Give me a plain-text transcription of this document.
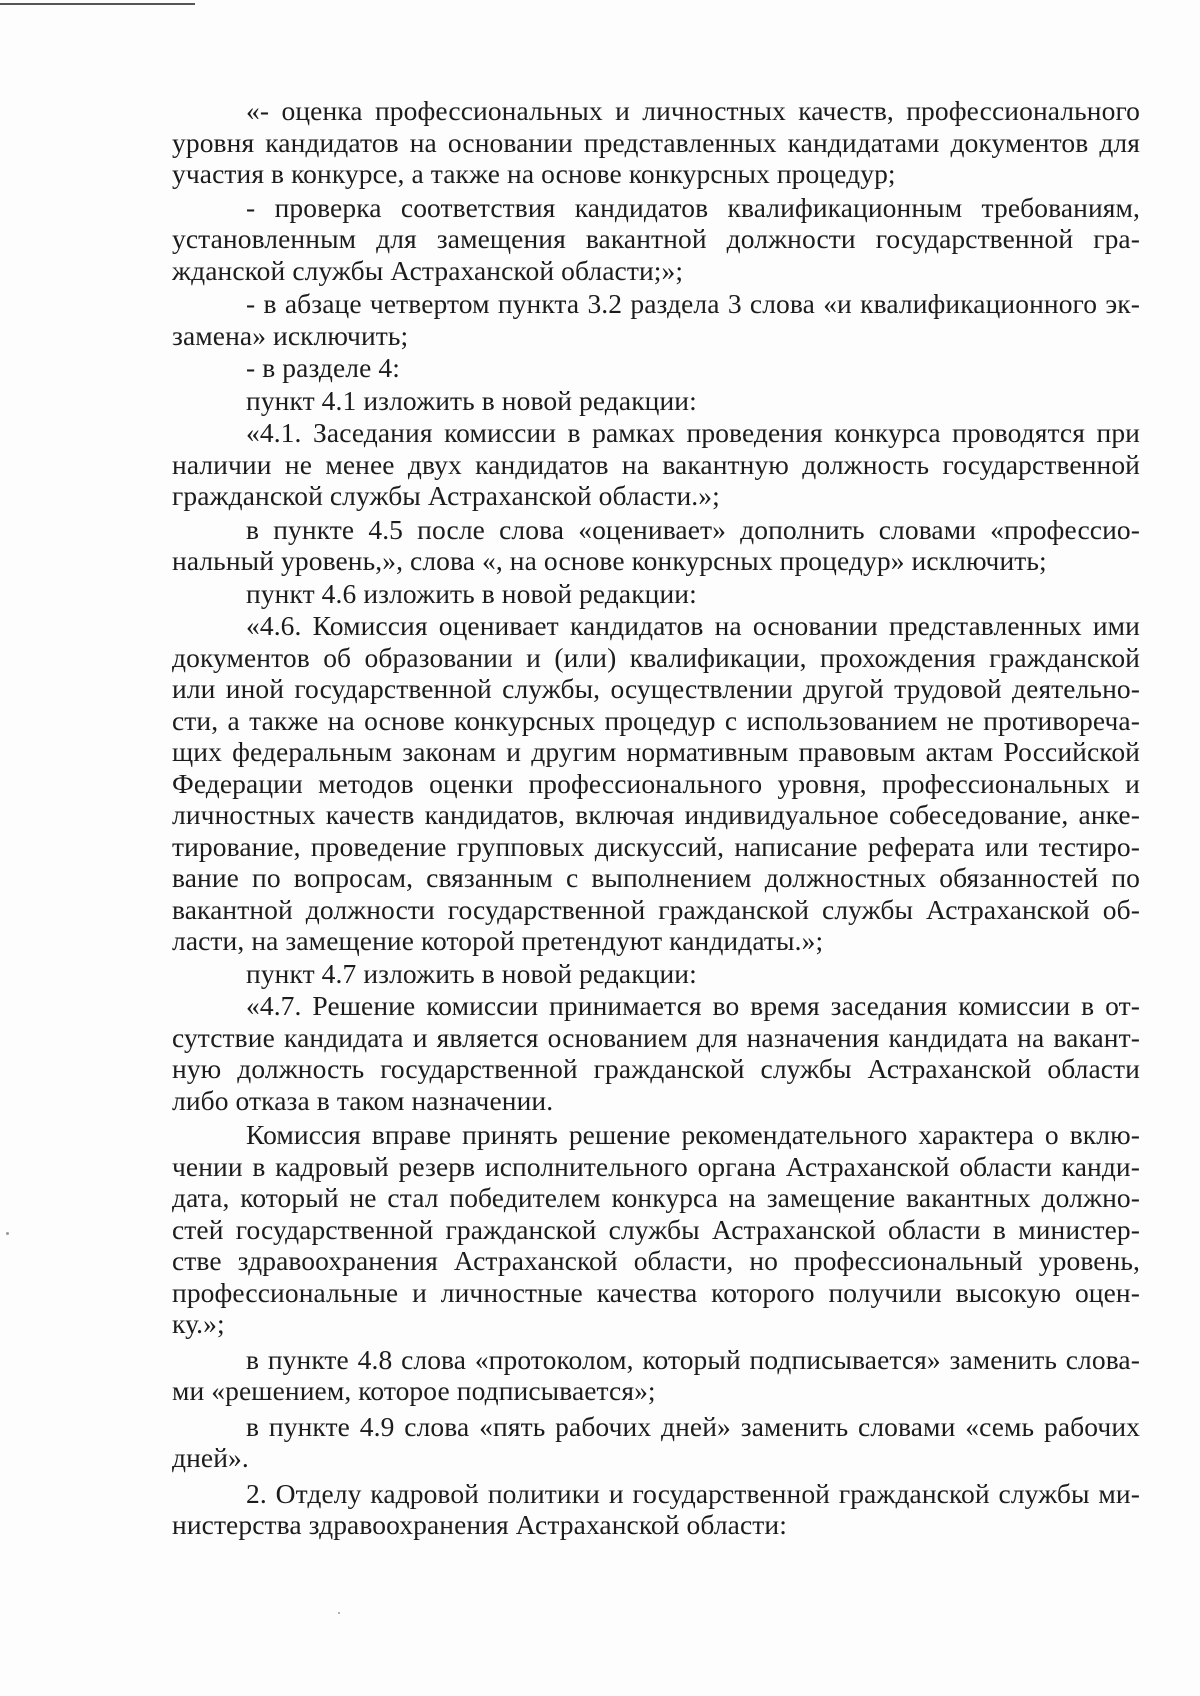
«- оценка профессиональных и личностных качеств, профессионального
уровня кандидатов на основании представленных кандидатами документов для
участия в конкурсе, а также на основе конкурсных процедур;
- проверка соответствия кандидатов квалификационным требованиям,
установленным для замещения вакантной должности государственной гра-
жданской службы Астраханской области;»;
- в абзаце четвертом пункта 3.2 раздела 3 слова «и квалификационного эк-
замена» исключить;
- в разделе 4:
пункт 4.1 изложить в новой редакции:
«4.1. Заседания комиссии в рамках проведения конкурса проводятся при
наличии не менее двух кандидатов на вакантную должность государственной
гражданской службы Астраханской области.»;
в пункте 4.5 после слова «оценивает» дополнить словами «профессио-
нальный уровень,», слова «, на основе конкурсных процедур» исключить;
пункт 4.6 изложить в новой редакции:
«4.6. Комиссия оценивает кандидатов на основании представленных ими
документов об образовании и (или) квалификации, прохождения гражданской
или иной государственной службы, осуществлении другой трудовой деятельно-
сти, а также на основе конкурсных процедур с использованием не противореча-
щих федеральным законам и другим нормативным правовым актам Российской
Федерации методов оценки профессионального уровня, профессиональных и
личностных качеств кандидатов, включая индивидуальное собеседование, анке-
тирование, проведение групповых дискуссий, написание реферата или тестиро-
вание по вопросам, связанным с выполнением должностных обязанностей по
вакантной должности государственной гражданской службы Астраханской об-
ласти, на замещение которой претендуют кандидаты.»;
пункт 4.7 изложить в новой редакции:
«4.7. Решение комиссии принимается во время заседания комиссии в от-
сутствие кандидата и является основанием для назначения кандидата на вакант-
ную должность государственной гражданской службы Астраханской области
либо отказа в таком назначении.
Комиссия вправе принять решение рекомендательного характера о вклю-
чении в кадровый резерв исполнительного органа Астраханской области канди-
дата, который не стал победителем конкурса на замещение вакантных должно-
стей государственной гражданской службы Астраханской области в министер-
стве здравоохранения Астраханской области, но профессиональный уровень,
профессиональные и личностные качества которого получили высокую оцен-
ку.»;
в пункте 4.8 слова «протоколом, который подписывается» заменить слова-
ми «решением, которое подписывается»;
в пункте 4.9 слова «пять рабочих дней» заменить словами «семь рабочих
дней».
2. Отделу кадровой политики и государственной гражданской службы ми-
нистерства здравоохранения Астраханской области:
